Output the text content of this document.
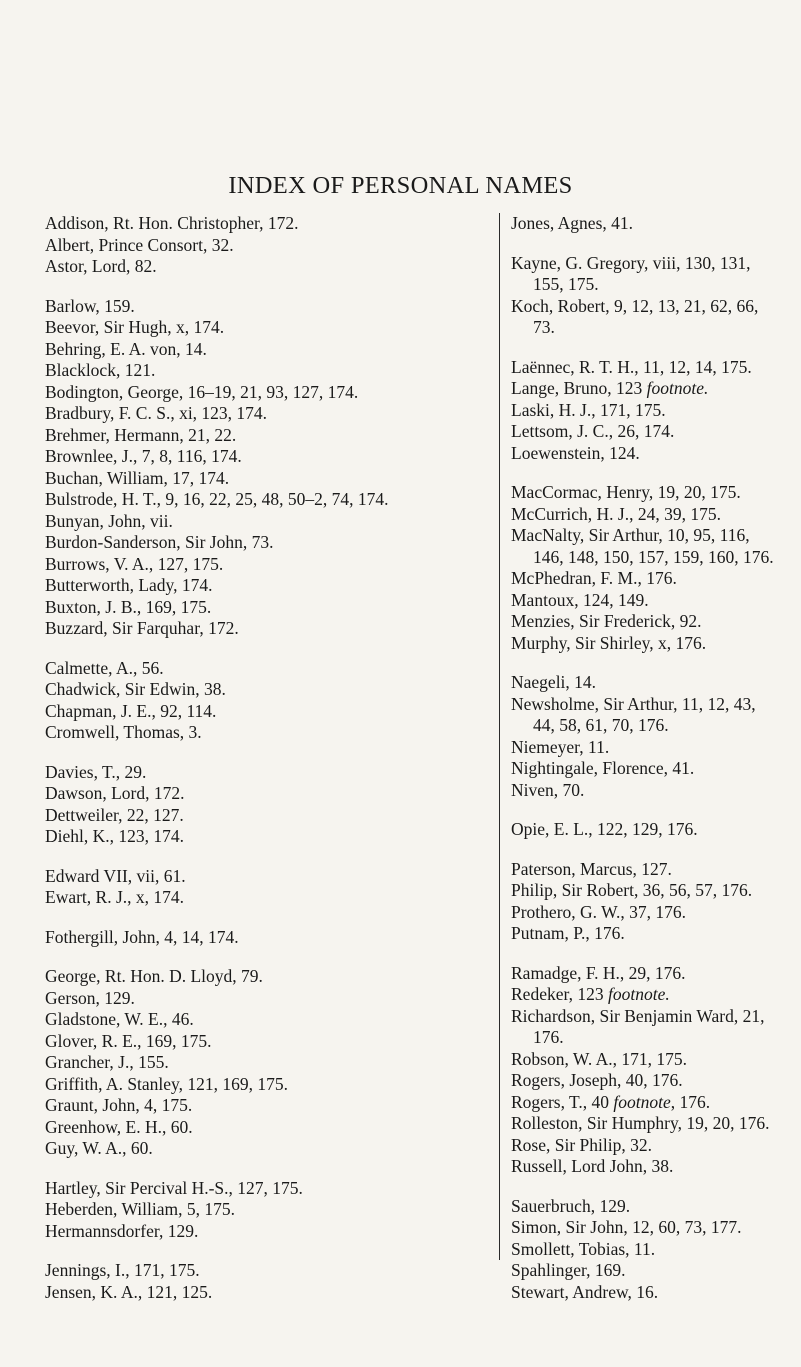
INDEX OF PERSONAL NAMES
Addison, Rt. Hon. Christopher, 172.
Albert, Prince Consort, 32.
Astor, Lord, 82.
Barlow, 159.
Beevor, Sir Hugh, x, 174.
Behring, E. A. von, 14.
Blacklock, 121.
Bodington, George, 16–19, 21, 93, 127, 174.
Bradbury, F. C. S., xi, 123, 174.
Brehmer, Hermann, 21, 22.
Brownlee, J., 7, 8, 116, 174.
Buchan, William, 17, 174.
Bulstrode, H. T., 9, 16, 22, 25, 48, 50–2, 74, 174.
Bunyan, John, vii.
Burdon-Sanderson, Sir John, 73.
Burrows, V. A., 127, 175.
Butterworth, Lady, 174.
Buxton, J. B., 169, 175.
Buzzard, Sir Farquhar, 172.
Calmette, A., 56.
Chadwick, Sir Edwin, 38.
Chapman, J. E., 92, 114.
Cromwell, Thomas, 3.
Davies, T., 29.
Dawson, Lord, 172.
Dettweiler, 22, 127.
Diehl, K., 123, 174.
Edward VII, vii, 61.
Ewart, R. J., x, 174.
Fothergill, John, 4, 14, 174.
George, Rt. Hon. D. Lloyd, 79.
Gerson, 129.
Gladstone, W. E., 46.
Glover, R. E., 169, 175.
Grancher, J., 155.
Griffith, A. Stanley, 121, 169, 175.
Graunt, John, 4, 175.
Greenhow, E. H., 60.
Guy, W. A., 60.
Hartley, Sir Percival H.-S., 127, 175.
Heberden, William, 5, 175.
Hermannsdorfer, 129.
Jennings, I., 171, 175.
Jensen, K. A., 121, 125.
Jones, Agnes, 41.
Kayne, G. Gregory, viii, 130, 131, 155, 175.
Koch, Robert, 9, 12, 13, 21, 62, 66, 73.
Laënnec, R. T. H., 11, 12, 14, 175.
Lange, Bruno, 123 footnote.
Laski, H. J., 171, 175.
Lettsom, J. C., 26, 174.
Loewenstein, 124.
MacCormac, Henry, 19, 20, 175.
McCurrich, H. J., 24, 39, 175.
MacNalty, Sir Arthur, 10, 95, 116, 146, 148, 150, 157, 159, 160, 176.
McPhedran, F. M., 176.
Mantoux, 124, 149.
Menzies, Sir Frederick, 92.
Murphy, Sir Shirley, x, 176.
Naegeli, 14.
Newsholme, Sir Arthur, 11, 12, 43, 44, 58, 61, 70, 176.
Niemeyer, 11.
Nightingale, Florence, 41.
Niven, 70.
Opie, E. L., 122, 129, 176.
Paterson, Marcus, 127.
Philip, Sir Robert, 36, 56, 57, 176.
Prothero, G. W., 37, 176.
Putnam, P., 176.
Ramadge, F. H., 29, 176.
Redeker, 123 footnote.
Richardson, Sir Benjamin Ward, 21, 176.
Robson, W. A., 171, 175.
Rogers, Joseph, 40, 176.
Rogers, T., 40 footnote, 176.
Rolleston, Sir Humphry, 19, 20, 176.
Rose, Sir Philip, 32.
Russell, Lord John, 38.
Sauerbruch, 129.
Simon, Sir John, 12, 60, 73, 177.
Smollett, Tobias, 11.
Spahlinger, 169.
Stewart, Andrew, 16.
